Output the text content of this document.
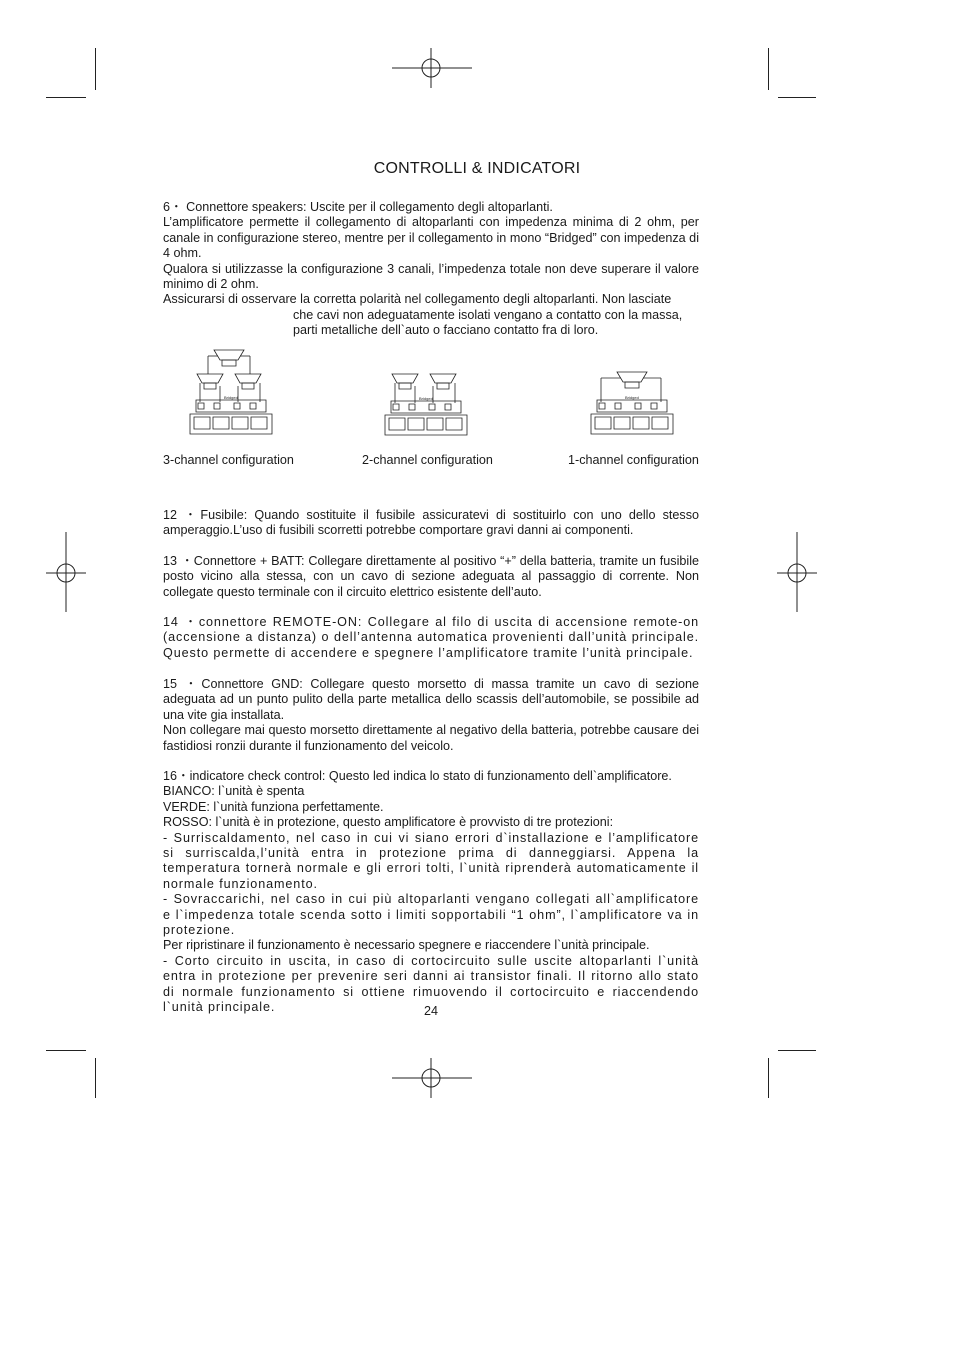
CONTROLLI & INDICATORI

6・ Connettore speakers: Uscite per il collegamento degli altoparlanti.

L’amplificatore permette il collegamento di altoparlanti con impedenza minima di 2 ohm, per canale in configurazione stereo, mentre per il collegamento in mono “Bridged” con impedenza di 4 ohm.

Qualora si utilizzasse la configurazione 3 canali, l’impedenza totale non deve superare il valore minimo di 2 ohm.

Assicurarsi di osservare la corretta polarità nel collegamento degli altoparlanti. Non lasciate

che cavi non adeguatamente isolati vengano a contatto con la massa,

parti metalliche dell`auto o facciano contatto fra di loro.

Bridged	Bridged	Bridged
3-channel configuration	2-channel configuration	1-channel configuration
12 ・Fusibile: Quando sostituite il fusibile assicuratevi di sostituirlo con uno dello stesso amperaggio.L’uso di fusibili scorretti potrebbe comportare gravi danni ai componenti.
13 ・Connettore + BATT: Collegare direttamente al positivo “+” della batteria, tramite un fusibile posto vicino alla stessa, con un cavo di sezione adeguata al passaggio di corrente. Non collegate questo terminale con il circuito elettrico esistente dell’auto.
14 ・connettore REMOTE-ON: Collegare al filo di uscita di accensione remote-on (accensione a distanza) o dell’antenna automatica provenienti dall’unità principale. Questo permette di accendere e spegnere l’amplificatore tramite l’unità principale.

15 ・Connettore GND: Collegare questo morsetto di massa tramite un cavo di sezione adeguata ad un punto pulito della parte metallica dello scassis dell’automobile, se possibile ad una vite gia installata.

Non collegare mai questo morsetto direttamente al negativo della batteria, potrebbe causare dei fastidiosi ronzii durante il funzionamento del veicolo.

16・indicatore check control: Questo led indica lo stato di funzionamento dell`amplificatore.

BIANCO: l`unità è spenta

VERDE: l`unità funziona perfettamente.

ROSSO: l`unità è in protezione, questo amplificatore è provvisto di tre protezioni:

- Surriscaldamento, nel caso in cui vi siano errori d`installazione e l’amplificatore si surriscalda,l’unità entra in protezione prima di danneggiarsi. Appena la temperatura tornerà normale e gli errori tolti, l`unità riprenderà automaticamente il normale funzionamento.

- Sovraccarichi, nel caso in cui più altoparlanti vengano collegati all`amplificatore e l`impedenza totale scenda sotto i limiti sopportabili “1 ohm”, l`amplificatore va in protezione.

Per ripristinare il funzionamento è necessario spegnere e riaccendere l`unità principale.

- Corto circuito in uscita, in caso di cortocircuito sulle uscite altoparlanti l`unità entra in protezione per prevenire seri danni ai transistor finali. Il ritorno allo stato di normale funzionamento si ottiene rimuovendo il cortocircuito e riaccendendo l`unità principale.	24
